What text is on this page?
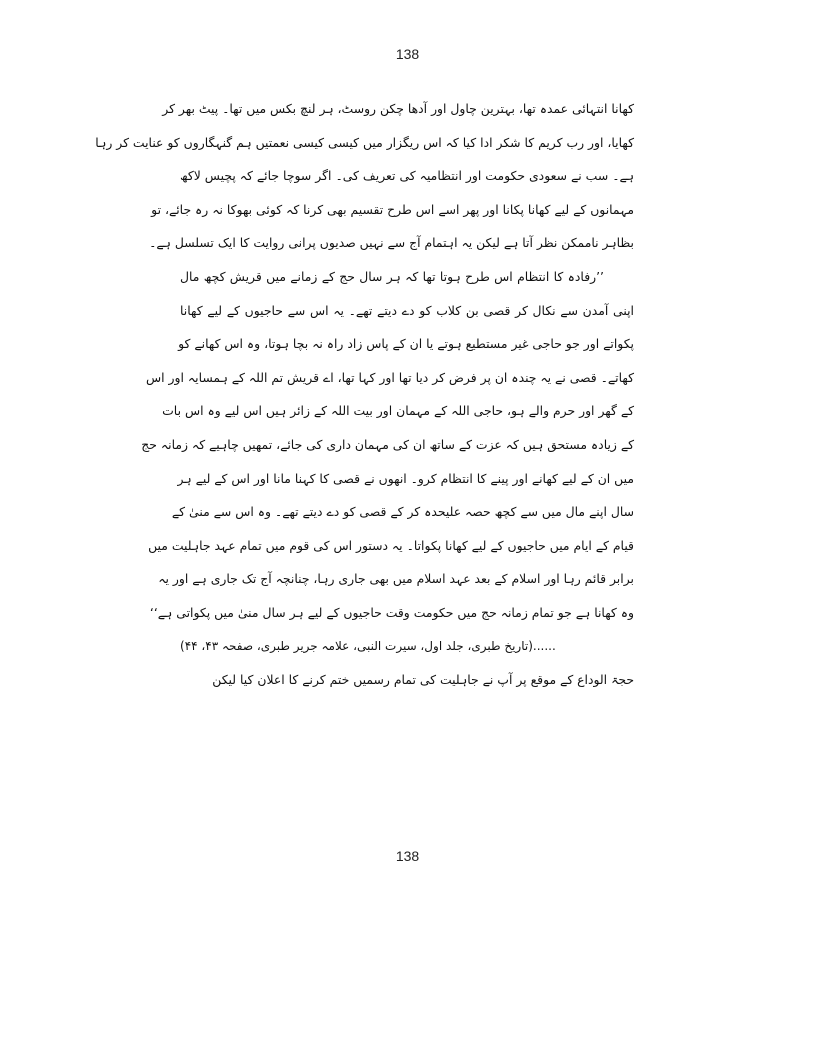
138
کھانا انتہائی عمدہ تھا، بہترین چاول اور آدھا چکن روسٹ، ہر لنچ بکس میں تھا۔ پیٹ بھر کر
کھایا، اور رب کریم کا شکر ادا کیا کہ اس ریگزار میں کیسی کیسی نعمتیں ہم گنہگاروں کو عنایت کر رہا
ہے۔ سب نے سعودی حکومت اور انتظامیہ کی تعریف کی۔ اگر سوچا جائے کہ پچیس لاکھ
مہمانوں کے لیے کھانا پکانا اور پھر اسے اس طرح تقسیم بھی کرنا کہ کوئی بھوکا نہ رہ جائے، تو
بظاہر ناممکن نظر آتا ہے لیکن یہ اہتمام آج سے نہیں صدیوں پرانی روایت کا ایک تسلسل ہے۔
’’رفادہ کا انتظام اس طرح ہوتا تھا کہ ہر سال حج کے زمانے میں قریش کچھ مال
اپنی آمدن سے نکال کر قصی بن کلاب کو دے دیتے تھے۔ یہ اس سے حاجیوں کے لیے کھانا
پکواتے اور جو حاجی غیر مستطیع ہوتے یا ان کے پاس زاد راہ نہ بچا ہوتا، وہ اس کھانے کو
کھاتے۔ قصی نے یہ چندہ ان پر فرض کر دیا تھا اور کہا تھا، اے قریش تم اللہ کے ہمسایہ اور اس
کے گھر اور حرم والے ہو، حاجی اللہ کے مہمان اور بیت اللہ کے زائر ہیں اس لیے وہ اس بات
کے زیادہ مستحق ہیں کہ عزت کے ساتھ ان کی مہمان داری کی جائے، تمھیں چاہیے کہ زمانہ حج
میں ان کے لیے کھانے اور پینے کا انتظام کرو۔ انھوں نے قصی کا کہنا مانا اور اس کے لیے ہر
سال اپنے مال میں سے کچھ حصہ علیحدہ کر کے قصی کو دے دیتے تھے۔ وہ اس سے منیٰ کے
قیام کے ایام میں حاجیوں کے لیے کھانا پکواتا۔ یہ دستور اس کی قوم میں تمام عہد جاہلیت میں
برابر قائم رہا اور اسلام کے بعد عہد اسلام میں بھی جاری رہا، چنانچہ آج تک جاری ہے اور یہ
وہ کھانا ہے جو تمام زمانہ حج میں حکومت وقت حاجیوں کے لیے ہر سال منیٰ میں پکواتی ہے‘‘
......(تاریخ طبری، جلد اول، سیرت النبی، علامہ جریر طبری، صفحہ ۴۳، ۴۴)
حجۃ الوداع کے موقع پر آپ نے جاہلیت کی تمام رسمیں ختم کرنے کا اعلان کیا لیکن
138
